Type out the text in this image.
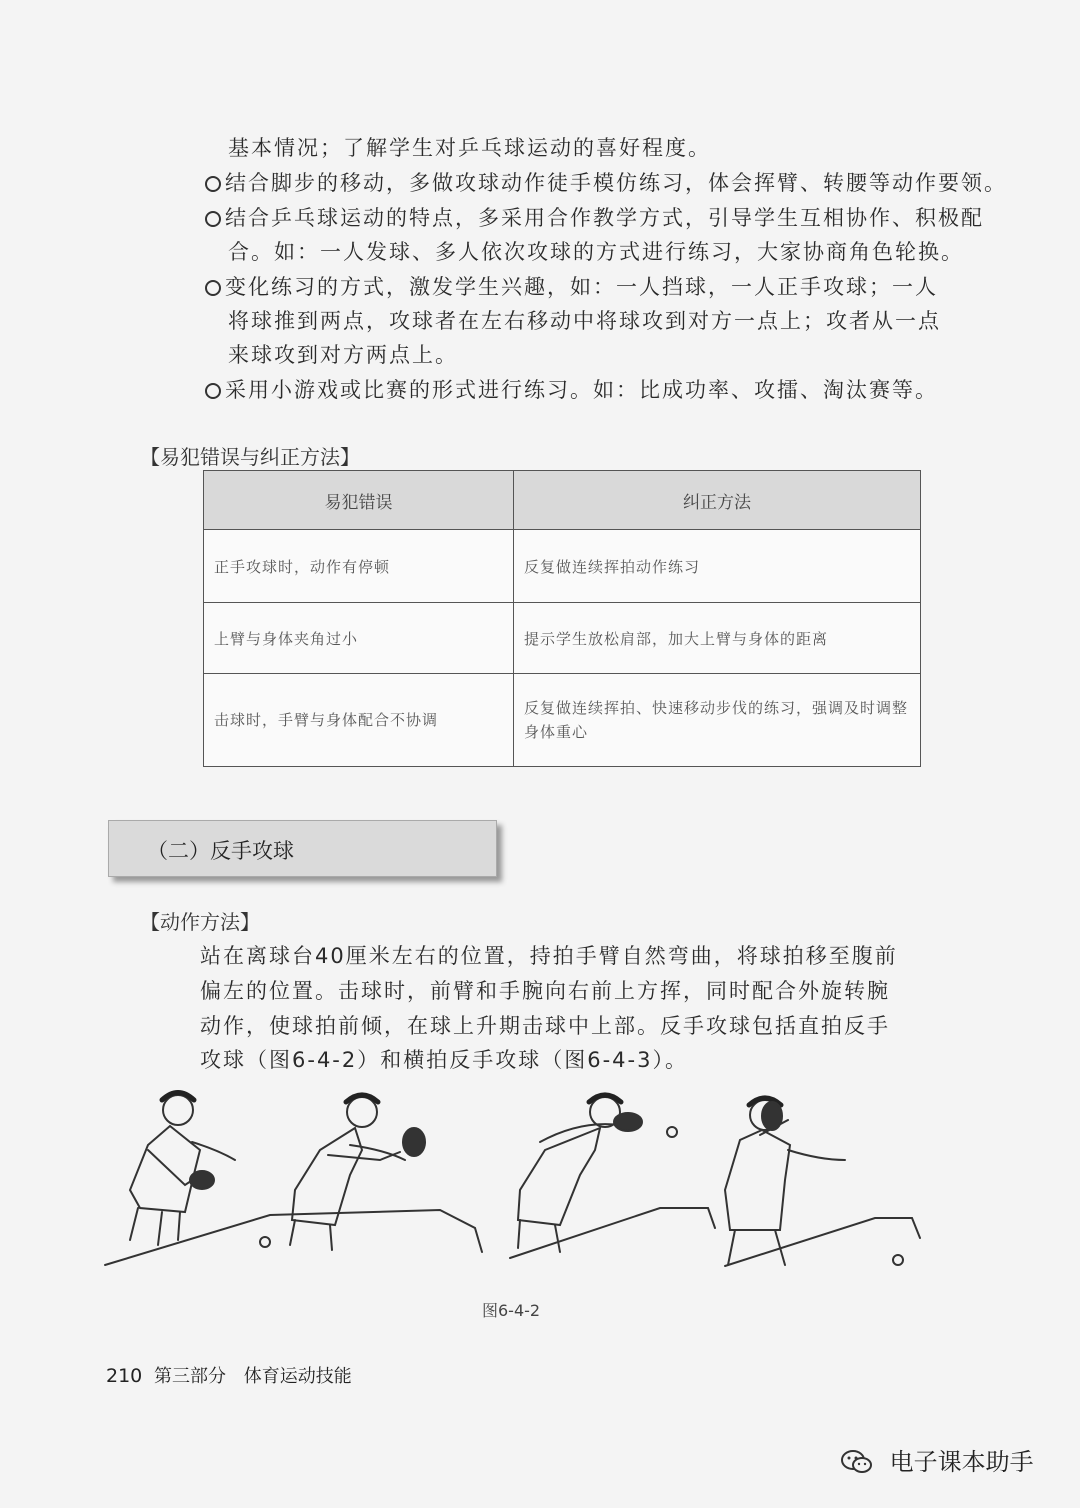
基本情况；了解学生对乒乓球运动的喜好程度。
结合脚步的移动，多做攻球动作徒手模仿练习，体会挥臂、转腰等动作要领。
结合乒乓球运动的特点，多采用合作教学方式，引导学生互相协作、积极配
合。如：一人发球、多人依次攻球的方式进行练习，大家协商角色轮换。
变化练习的方式，激发学生兴趣，如：一人挡球，一人正手攻球；一人
将球推到两点，攻球者在左右移动中将球攻到对方一点上；攻者从一点
来球攻到对方两点上。
采用小游戏或比赛的形式进行练习。如：比成功率、攻擂、淘汰赛等。
【易犯错误与纠正方法】
易犯错误	纠正方法
正手攻球时，动作有停顿	反复做连续挥拍动作练习
上臂与身体夹角过小	提示学生放松肩部，加大上臂与身体的距离
击球时，手臂与身体配合不协调	反复做连续挥拍、快速移动步伐的练习，强调及时调整身体重心
（二）反手攻球
【动作方法】
站在离球台40厘米左右的位置，持拍手臂自然弯曲，将球拍移至腹前
偏左的位置。击球时，前臂和手腕向右前上方挥，同时配合外旋转腕
动作，使球拍前倾，在球上升期击球中上部。反手攻球包括直拍反手
攻球（图6-4-2）和横拍反手攻球（图6-4-3）。
图6-4-2
210 第三部分 体育运动技能
电子课本助手
